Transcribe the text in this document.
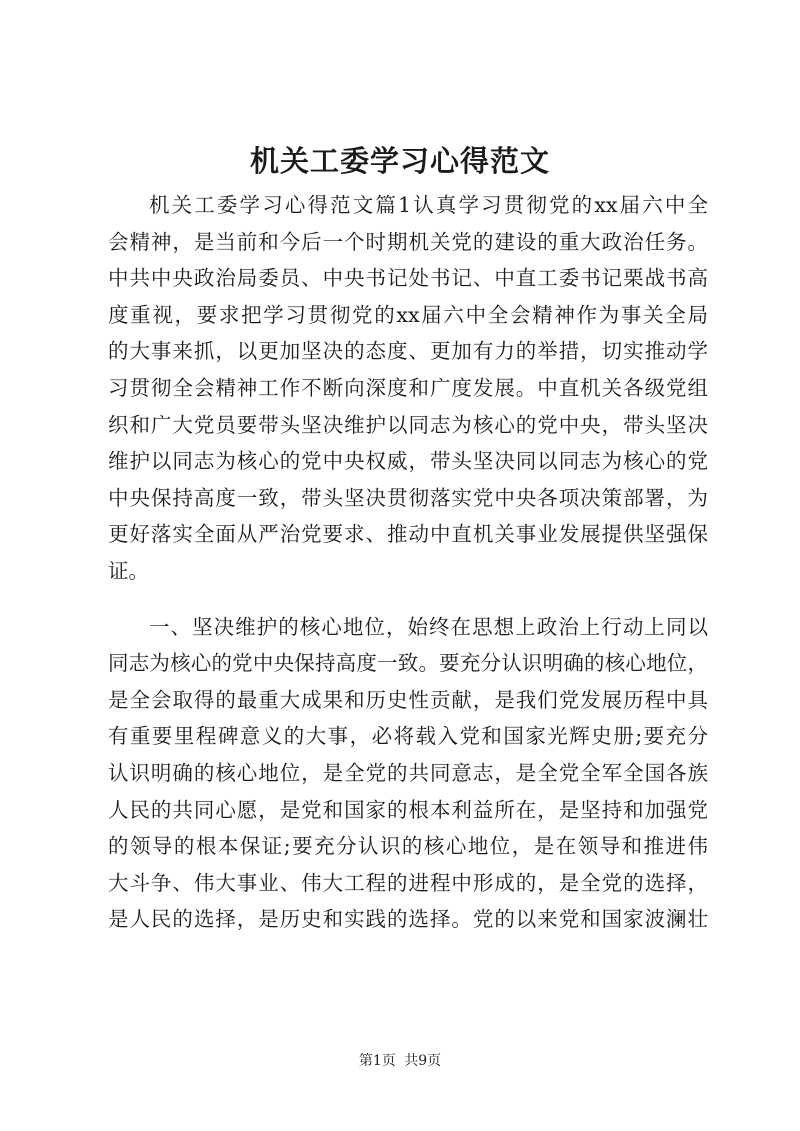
机关工委学习心得范文
机关工委学习心得范文篇1认真学习贯彻党的xx届六中全
会精神，是当前和今后一个时期机关党的建设的重大政治任务。
中共中央政治局委员、中央书记处书记、中直工委书记栗战书高
度重视，要求把学习贯彻党的xx届六中全会精神作为事关全局
的大事来抓，以更加坚决的态度、更加有力的举措，切实推动学
习贯彻全会精神工作不断向深度和广度发展。中直机关各级党组
织和广大党员要带头坚决维护以同志为核心的党中央，带头坚决
维护以同志为核心的党中央权威，带头坚决同以同志为核心的党
中央保持高度一致，带头坚决贯彻落实党中央各项决策部署，为
更好落实全面从严治党要求、推动中直机关事业发展提供坚强保
证。
一、坚决维护的核心地位，始终在思想上政治上行动上同以
同志为核心的党中央保持高度一致。要充分认识明确的核心地位，
是全会取得的最重大成果和历史性贡献，是我们党发展历程中具
有重要里程碑意义的大事，必将载入党和国家光辉史册;要充分
认识明确的核心地位，是全党的共同意志，是全党全军全国各族
人民的共同心愿，是党和国家的根本利益所在，是坚持和加强党
的领导的根本保证;要充分认识的核心地位，是在领导和推进伟
大斗争、伟大事业、伟大工程的进程中形成的，是全党的选择，
是人民的选择，是历史和实践的选择。党的以来党和国家波澜壮
第1页 共9页
